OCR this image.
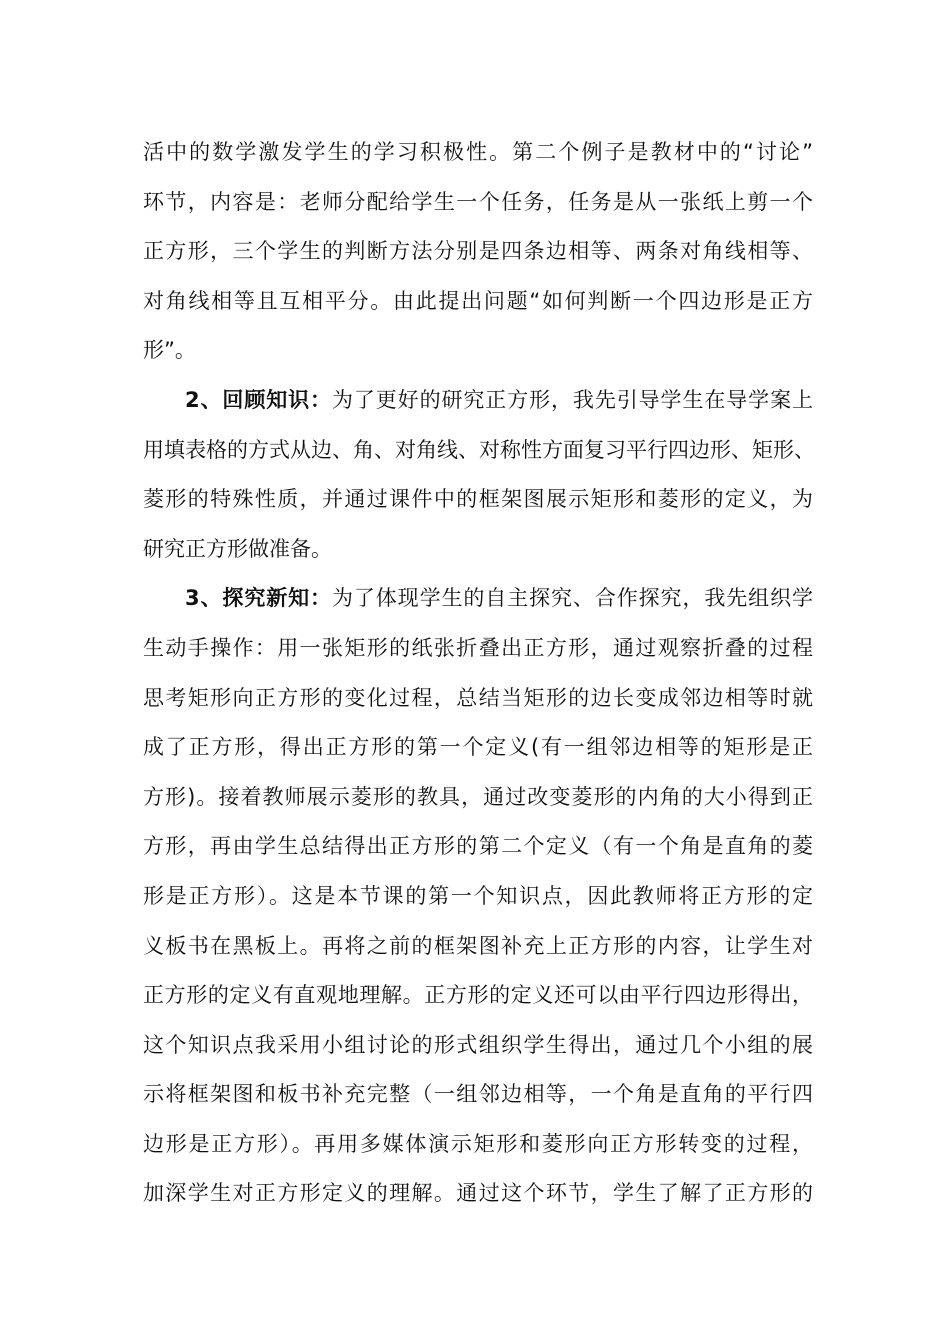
活中的数学激发学生的学习积极性。第二个例子是教材中的“讨论”
环节，内容是：老师分配给学生一个任务，任务是从一张纸上剪一个
正方形，三个学生的判断方法分别是四条边相等、两条对角线相等、
对角线相等且互相平分。由此提出问题“如何判断一个四边形是正方
形”。
2、回顾知识：为了更好的研究正方形，我先引导学生在导学案上
用填表格的方式从边、角、对角线、对称性方面复习平行四边形、矩形、
菱形的特殊性质，并通过课件中的框架图展示矩形和菱形的定义，为
研究正方形做准备。
3、探究新知：为了体现学生的自主探究、合作探究，我先组织学
生动手操作：用一张矩形的纸张折叠出正方形，通过观察折叠的过程
思考矩形向正方形的变化过程，总结当矩形的边长变成邻边相等时就
成了正方形，得出正方形的第一个定义(有一组邻边相等的矩形是正
方形)。接着教师展示菱形的教具，通过改变菱形的内角的大小得到正
方形，再由学生总结得出正方形的第二个定义（有一个角是直角的菱
形是正方形）。这是本节课的第一个知识点，因此教师将正方形的定
义板书在黑板上。再将之前的框架图补充上正方形的内容，让学生对
正方形的定义有直观地理解。正方形的定义还可以由平行四边形得出，
这个知识点我采用小组讨论的形式组织学生得出，通过几个小组的展
示将框架图和板书补充完整（一组邻边相等，一个角是直角的平行四
边形是正方形）。再用多媒体演示矩形和菱形向正方形转变的过程，
加深学生对正方形定义的理解。通过这个环节，学生了解了正方形的
